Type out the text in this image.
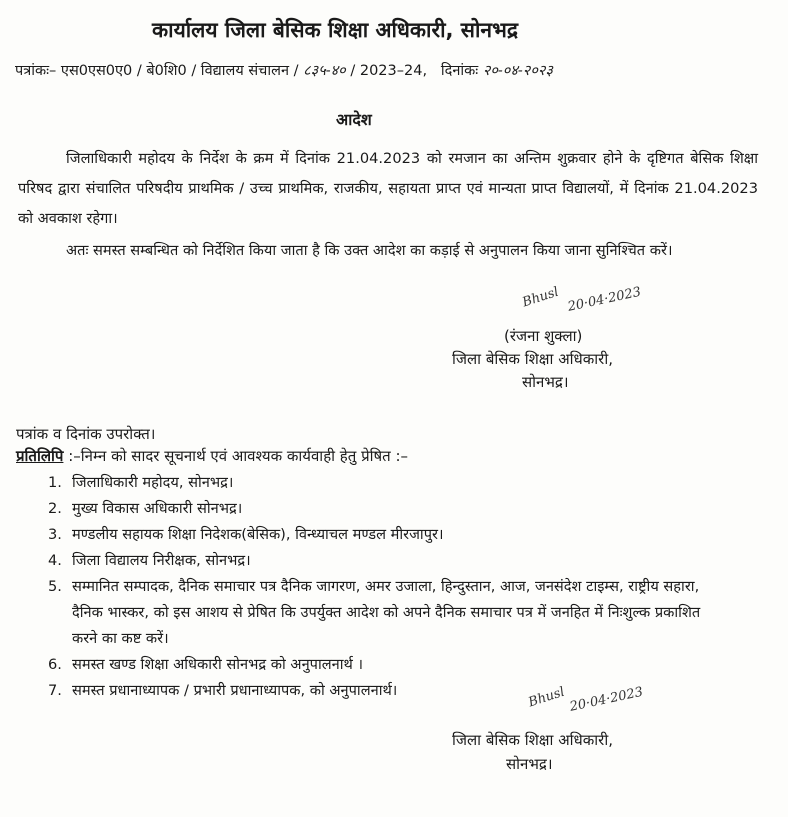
कार्यालय जिला बेसिक शिक्षा अधिकारी, सोनभद्र
पत्रांकः– एस0एस0ए0 / बे0शि0 / विद्यालय संचालन / ८३५-४० / 2023–24, दिनांकः २०-०४-२०२३
आदेश
जिलाधिकारी महोदय के निर्देश के क्रम में दिनांक 21.04.2023 को रमजान का अन्तिम शुक्रवार होने के दृष्टिगत बेसिक शिक्षा परिषद द्वारा संचालित परिषदीय प्राथमिक / उच्च प्राथमिक, राजकीय, सहायता प्राप्त एवं मान्यता प्राप्त विद्यालयों, में दिनांक 21.04.2023 को अवकाश रहेगा।
अतः समस्त सम्बन्धित को निर्देशित किया जाता है कि उक्त आदेश का कड़ाई से अनुपालन किया जाना सुनिश्चित करें।
Bhusl 20·04·2023
(रंजना शुक्ला)
जिला बेसिक शिक्षा अधिकारी,
सोनभद्र।
पत्रांक व दिनांक उपरोक्त।
प्रतिलिपि :–निम्न को सादर सूचनार्थ एवं आवश्यक कार्यवाही हेतु प्रेषित :–
1. जिलाधिकारी महोदय, सोनभद्र।
2. मुख्य विकास अधिकारी सोनभद्र।
3. मण्डलीय सहायक शिक्षा निदेशक(बेसिक), विन्ध्याचल मण्डल मीरजापुर।
4. जिला विद्यालय निरीक्षक, सोनभद्र।
5. सम्मानित सम्पादक, दैनिक समाचार पत्र दैनिक जागरण, अमर उजाला, हिन्दुस्तान, आज, जनसंदेश टाइम्स, राष्ट्रीय सहारा, दैनिक भास्कर, को इस आशय से प्रेषित कि उपर्युक्त आदेश को अपने दैनिक समाचार पत्र में जनहित में निःशुल्क प्रकाशित करने का कष्ट करें।
6. समस्त खण्ड शिक्षा अधिकारी सोनभद्र को अनुपालनार्थ ।
7. समस्त प्रधानाध्यापक / प्रभारी प्रधानाध्यापक, को अनुपालनार्थ।	Bhusl 20·04·2023
जिला बेसिक शिक्षा अधिकारी,
सोनभद्र।
